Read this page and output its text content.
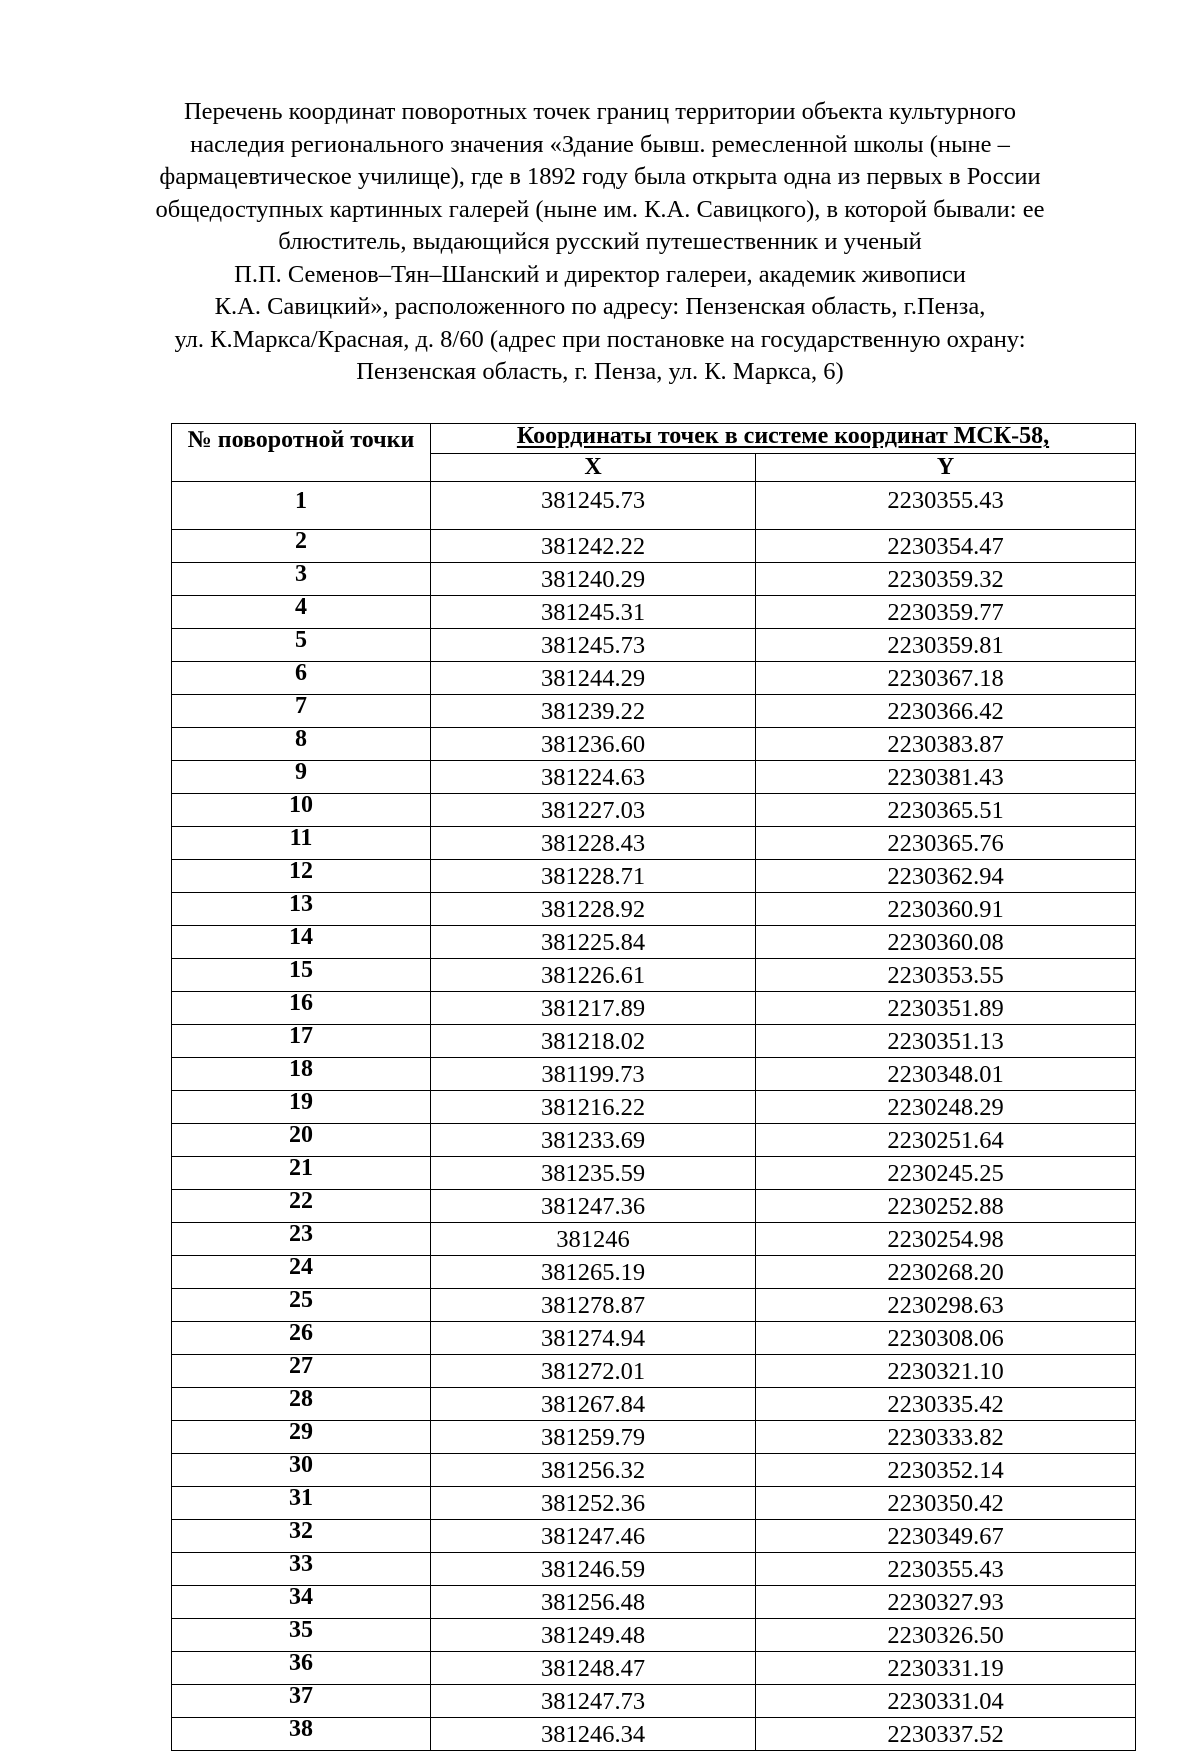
Перечень координат поворотных точек границ территории объекта культурного
наследия регионального значения «Здание бывш. ремесленной школы (ныне –
фармацевтическое училище), где в 1892 году была открыта одна из первых в России
общедоступных картинных галерей (ныне им. К.А. Савицкого), в которой бывали: ее
блюститель, выдающийся русский путешественник и ученый
П.П. Семенов–Тян–Шанский и директор галереи, академик живописи
К.А. Савицкий», расположенного по адресу: Пензенская область, г.Пенза,
ул. К.Маркса/Красная, д. 8/60 (адрес при постановке на государственную охрану:
Пензенская область, г. Пенза, ул. К. Маркса, 6)
№ поворотной точки	Координаты точек в системе координат МСК-58,	
	X	Y
1	381245.73	2230355.43
2	381242.22	2230354.47
3	381240.29	2230359.32
4	381245.31	2230359.77
5	381245.73	2230359.81
6	381244.29	2230367.18
7	381239.22	2230366.42
8	381236.60	2230383.87
9	381224.63	2230381.43
10	381227.03	2230365.51
11	381228.43	2230365.76
12	381228.71	2230362.94
13	381228.92	2230360.91
14	381225.84	2230360.08
15	381226.61	2230353.55
16	381217.89	2230351.89
17	381218.02	2230351.13
18	381199.73	2230348.01
19	381216.22	2230248.29
20	381233.69	2230251.64
21	381235.59	2230245.25
22	381247.36	2230252.88
23	381246	2230254.98
24	381265.19	2230268.20
25	381278.87	2230298.63
26	381274.94	2230308.06
27	381272.01	2230321.10
28	381267.84	2230335.42
29	381259.79	2230333.82
30	381256.32	2230352.14
31	381252.36	2230350.42
32	381247.46	2230349.67
33	381246.59	2230355.43
34	381256.48	2230327.93
35	381249.48	2230326.50
36	381248.47	2230331.19
37	381247.73	2230331.04
38	381246.34	2230337.52
